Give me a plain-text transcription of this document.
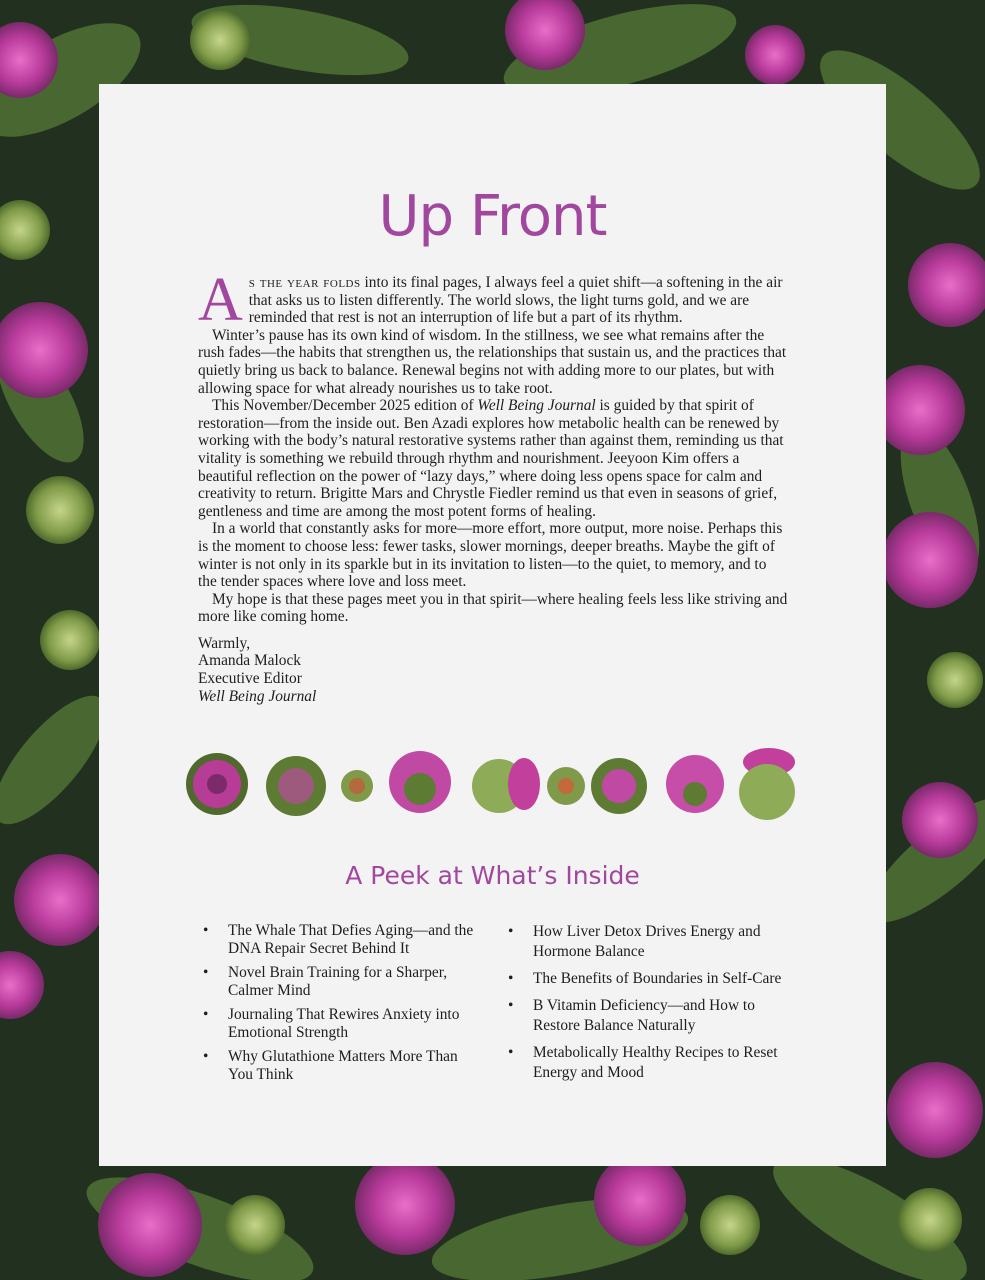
Up Front

As the year folds into its final pages, I always feel a quiet shift—a softening in the air that asks us to listen differently. The world slows, the light turns gold, and we are reminded that rest is not an interruption of life but a part of its rhythm.

Winter’s pause has its own kind of wisdom. In the stillness, we see what remains after the rush fades—the habits that strengthen us, the relationships that sustain us, and the practices that quietly bring us back to balance. Renewal begins not with adding more to our plates, but with allowing space for what already nourishes us to take root.

This November/December 2025 edition of Well Being Journal is guided by that spirit of restoration—from the inside out. Ben Azadi explores how metabolic health can be renewed by working with the body’s natural restorative systems rather than against them, reminding us that vitality is something we rebuild through rhythm and nourishment. Jeeyoon Kim offers a beautiful reflection on the power of “lazy days,” where doing less opens space for calm and creativity to return. Brigitte Mars and Chrystle Fiedler remind us that even in seasons of grief, gentleness and time are among the most potent forms of healing.

In a world that constantly asks for more—more effort, more output, more noise. Perhaps this is the moment to choose less: fewer tasks, slower mornings, deeper breaths. Maybe the gift of winter is not only in its sparkle but in its invitation to listen—to the quiet, to memory, and to the tender spaces where love and loss meet.

My hope is that these pages meet you in that spirit—where healing feels less like striving and more like coming home.

Warmly,
Amanda Malock
Executive Editor
Well Being Journal

A Peek at What’s Inside
• The Whale That Defies Aging—and the DNA Repair Secret Behind It
• Novel Brain Training for a Sharper, Calmer Mind
• Journaling That Rewires Anxiety into Emotional Strength
• Why Glutathione Matters More Than You Think
• How Liver Detox Drives Energy and Hormone Balance
• The Benefits of Boundaries in Self-Care
• B Vitamin Deficiency—and How to Restore Balance Naturally
• Metabolically Healthy Recipes to Reset Energy and Mood
